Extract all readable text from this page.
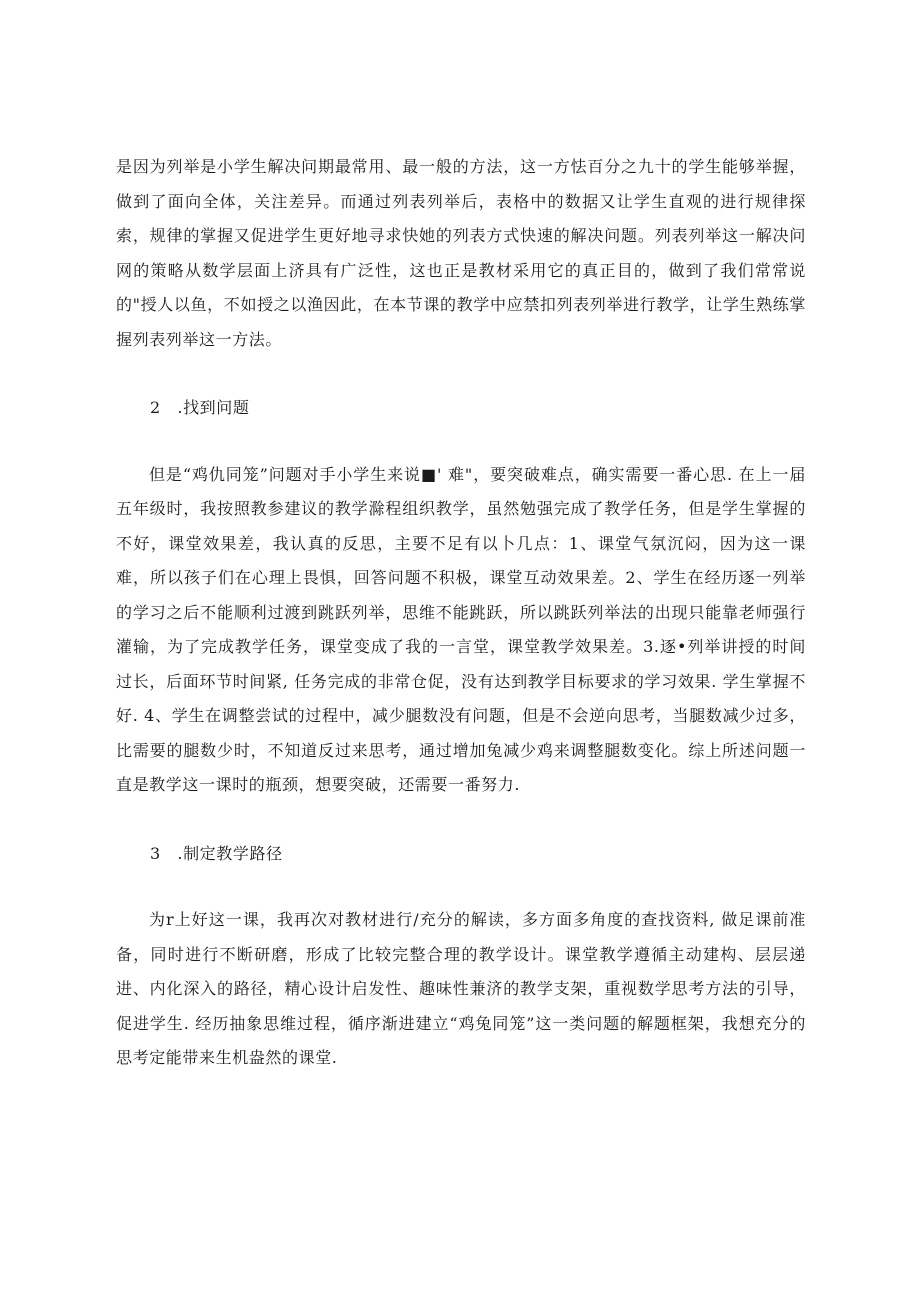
是因为列举是小学生解决问期最常用、最一般的方法，这一方怯百分之九十的学生能够举握，做到了面向全体，关注差异。而通过列表列举后，表格中的数据又让学生直观的进行规律探索，规律的掌握又促进学生更好地寻求快她的列表方式快速的解决问题。列表列举这一解决问网的策略从数学层面上济具有广泛性，这也正是教材采用它的真正目的，做到了我们常常说的"授人以鱼，不如授之以渔因此，在本节课的教学中应禁扣列表列举进行教学，让学生熟练掌握列表列举这一方法。

2　.找到问题

但是“鸡仇同笼”问题对手小学生来说■' 难"，要突破难点，确实需要一番心思. 在上一届五年级时，我按照教参建议的教学滁程组织教学，虽然勉强完成了教学任务，但是学生掌握的不好，课堂效果差，我认真的反思，主要不足有以卜几点：1、课堂气氛沉闷，因为这一课难，所以孩子们在心理上畏惧，回答问题不积极，课堂互动效果差。2、学生在经历逐一列举的学习之后不能顺利过渡到跳跃列举，思维不能跳跃，所以跳跃列举法的出现只能靠老师强行灌输，为了完成教学任务，课堂变成了我的一言堂，课堂教学效果差。3.逐•列举讲授的时间过长，后面环节时间紧, 任务完成的非常仓促，没有达到教学目标要求的学习效果. 学生掌握不好. 4、学生在调整尝试的过程中，减少腿数没有问题，但是不会逆向思考，当腿数减少过多，比需要的腿数少时，不知道反过来思考，通过增加兔减少鸡来调整腿数变化。综上所述问题一直是教学这一课时的瓶颈，想要突破，还需要一番努力.

3　.制定教学路径

为r上好这一课，我再次对教材进行/充分的解读，多方面多角度的查找资料, 做足课前准备，同时进行不断研磨，形成了比较完整合理的教学设计。课堂教学遵循主动建构、层层递进、内化深入的路径，精心设计启发性、趣味性兼济的教学支架，重视数学思考方法的引导，促进学生. 经历抽象思维过程，循序渐进建立“鸡兔同笼”这一类问题的解题框架，我想充分的思考定能带来生机盎然的课堂.
